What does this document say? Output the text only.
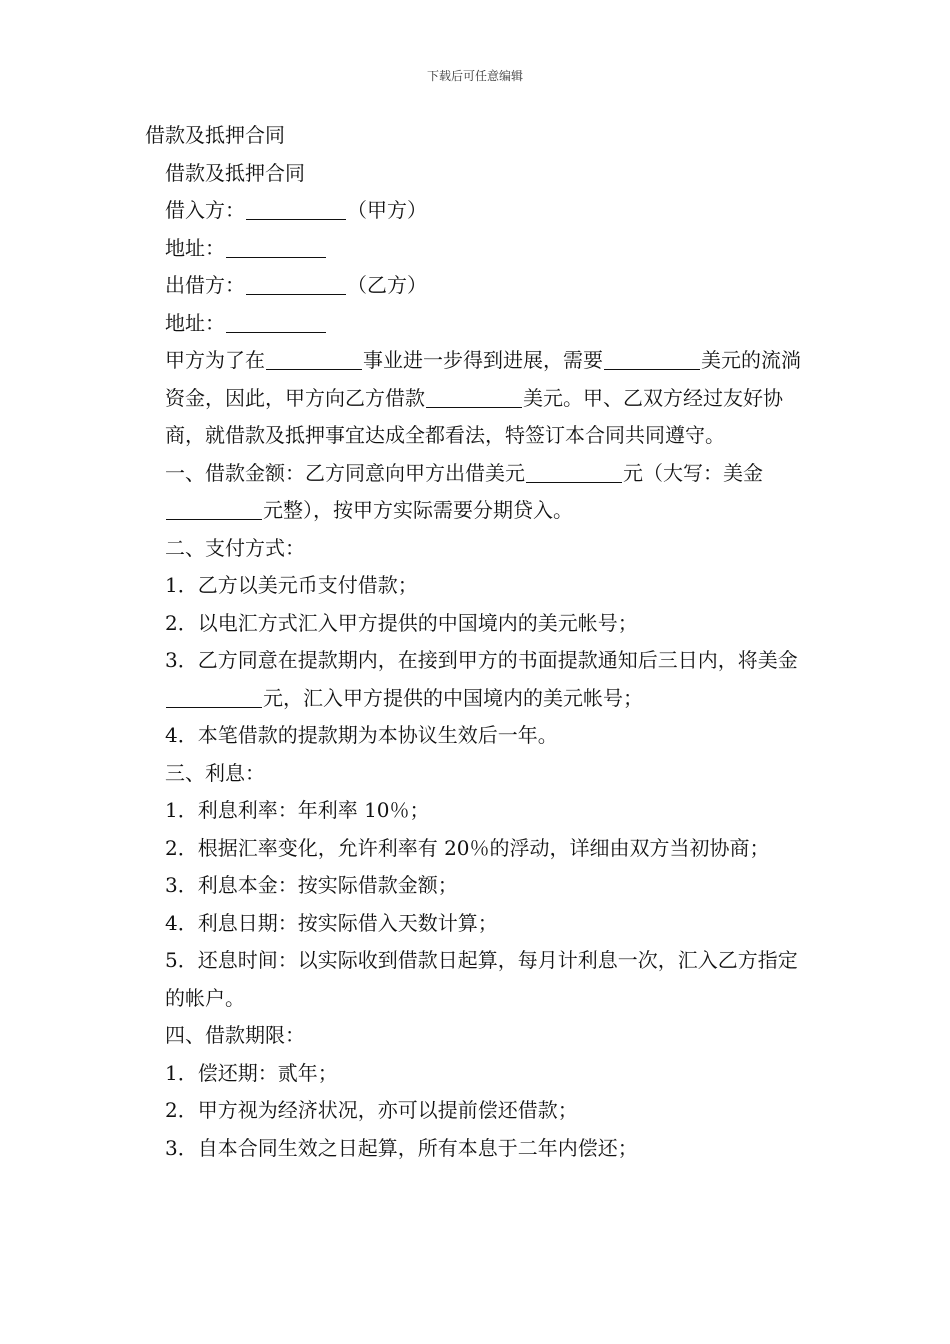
下载后可任意编辑

借款及抵押合同

借款及抵押合同

借入方：	（甲方）

地址：

出借方：	（乙方）

地址：

甲方为了在	事业进一步得到进展，需要	美元的流淌资金，因此，甲方向乙方借款	美元。甲、乙双方经过友好协商，就借款及抵押事宜达成全都看法，特签订本合同共同遵守。

一、借款金额：乙方同意向甲方出借美元	元（大写：美金元整），按甲方实际需要分期贷入。

二、支付方式：

1．乙方以美元币支付借款；

2．以电汇方式汇入甲方提供的中国境内的美元帐号；

3．乙方同意在提款期内，在接到甲方的书面提款通知后三日内，将美金元，汇入甲方提供的中国境内的美元帐号；

4．本笔借款的提款期为本协议生效后一年。

三、利息：

1．利息利率：年利率 10％；

2．根据汇率变化，允许利率有 20％的浮动，详细由双方当初协商；

3．利息本金：按实际借款金额；

4．利息日期：按实际借入天数计算；

5．还息时间：以实际收到借款日起算，每月计利息一次，汇入乙方指定的帐户。

四、借款期限：

1．偿还期：贰年；

2．甲方视为经济状况，亦可以提前偿还借款；

3．自本合同生效之日起算，所有本息于二年内偿还；
